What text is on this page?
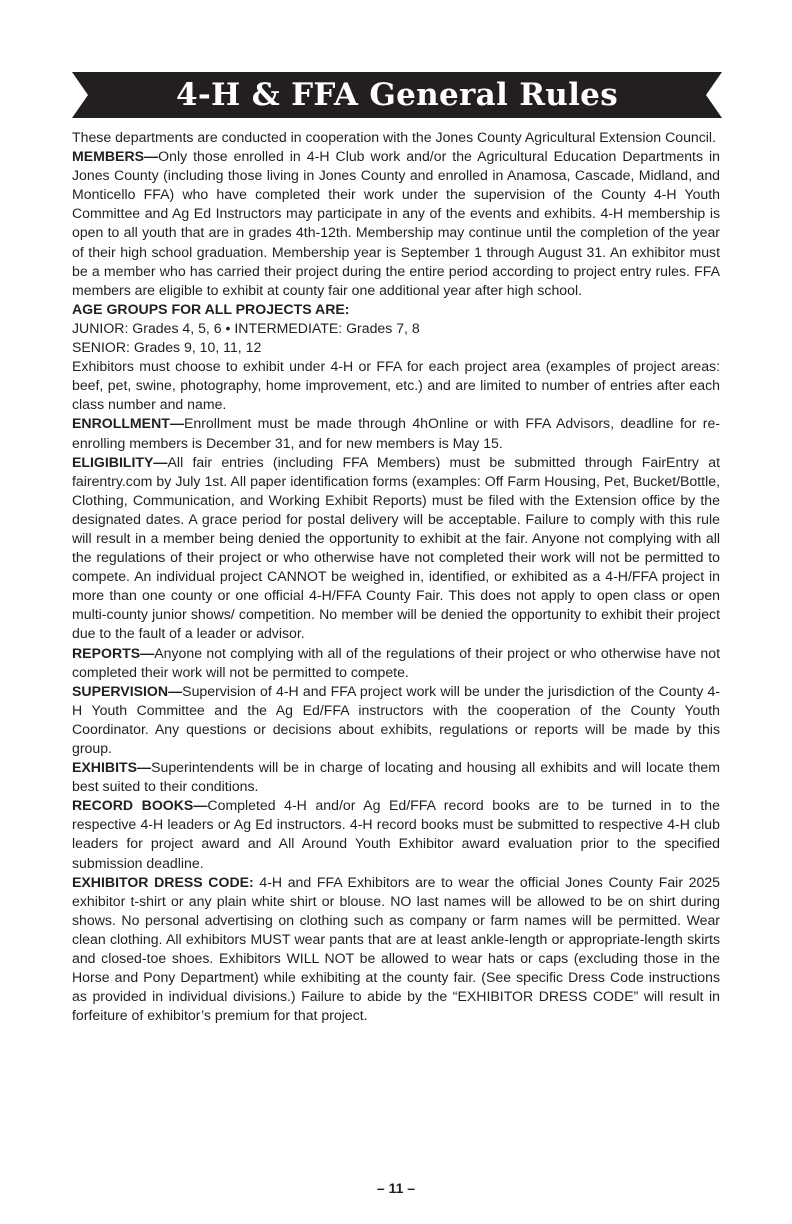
4-H & FFA General Rules

These departments are conducted in cooperation with the Jones County Agricultural Extension Council.

MEMBERS—Only those enrolled in 4-H Club work and/or the Agricultural Education Departments in Jones County (including those living in Jones County and enrolled in Anamosa, Cascade, Midland, and Monticello FFA) who have completed their work under the supervision of the County 4-H Youth Committee and Ag Ed Instructors may participate in any of the events and exhibits. 4-H membership is open to all youth that are in grades 4th-12th. Membership may continue until the completion of the year of their high school graduation. Membership year is September 1 through August 31. An exhibitor must be a member who has carried their project during the entire period according to project entry rules. FFA members are eligible to exhibit at county fair one additional year after high school.

AGE GROUPS FOR ALL PROJECTS ARE:

JUNIOR: Grades 4, 5, 6 • INTERMEDIATE: Grades 7, 8

SENIOR: Grades 9, 10, 11, 12

Exhibitors must choose to exhibit under 4-H or FFA for each project area (examples of project areas: beef, pet, swine, photography, home improvement, etc.) and are limited to number of entries after each class number and name.

ENROLLMENT—Enrollment must be made through 4hOnline or with FFA Advisors, deadline for re-enrolling members is December 31, and for new members is May 15.

ELIGIBILITY—All fair entries (including FFA Members) must be submitted through FairEntry at fairentry.com by July 1st. All paper identification forms (examples: Off Farm Housing, Pet, Bucket/Bottle, Clothing, Communication, and Working Exhibit Reports) must be filed with the Extension office by the designated dates. A grace period for postal delivery will be acceptable. Failure to comply with this rule will result in a member being denied the opportunity to exhibit at the fair. Anyone not complying with all the regulations of their project or who otherwise have not completed their work will not be permitted to compete. An individual project CANNOT be weighed in, identified, or exhibited as a 4-H/FFA project in more than one county or one official 4-H/FFA County Fair. This does not apply to open class or open multi-county junior shows/ competition. No member will be denied the opportunity to exhibit their project due to the fault of a leader or advisor.

REPORTS—Anyone not complying with all of the regulations of their project or who otherwise have not completed their work will not be permitted to compete.

SUPERVISION—Supervision of 4-H and FFA project work will be under the jurisdiction of the County 4-H Youth Committee and the Ag Ed/FFA instructors with the cooperation of the County Youth Coordinator. Any questions or decisions about exhibits, regulations or reports will be made by this group.

EXHIBITS—Superintendents will be in charge of locating and housing all exhibits and will locate them best suited to their conditions.

RECORD BOOKS—Completed 4-H and/or Ag Ed/FFA record books are to be turned in to the respective 4-H leaders or Ag Ed instructors. 4-H record books must be submitted to respective 4-H club leaders for project award and All Around Youth Exhibitor award evaluation prior to the specified submission deadline.

EXHIBITOR DRESS CODE: 4-H and FFA Exhibitors are to wear the official Jones County Fair 2025 exhibitor t-shirt or any plain white shirt or blouse. NO last names will be allowed to be on shirt during shows. No personal advertising on clothing such as company or farm names will be permitted. Wear clean clothing. All exhibitors MUST wear pants that are at least ankle-length or appropriate-length skirts and closed-toe shoes. Exhibitors WILL NOT be allowed to wear hats or caps (excluding those in the Horse and Pony Department) while exhibiting at the county fair. (See specific Dress Code instructions as provided in individual divisions.) Failure to abide by the “EXHIBITOR DRESS CODE” will result in forfeiture of exhibitor’s premium for that project.

– 11 –
